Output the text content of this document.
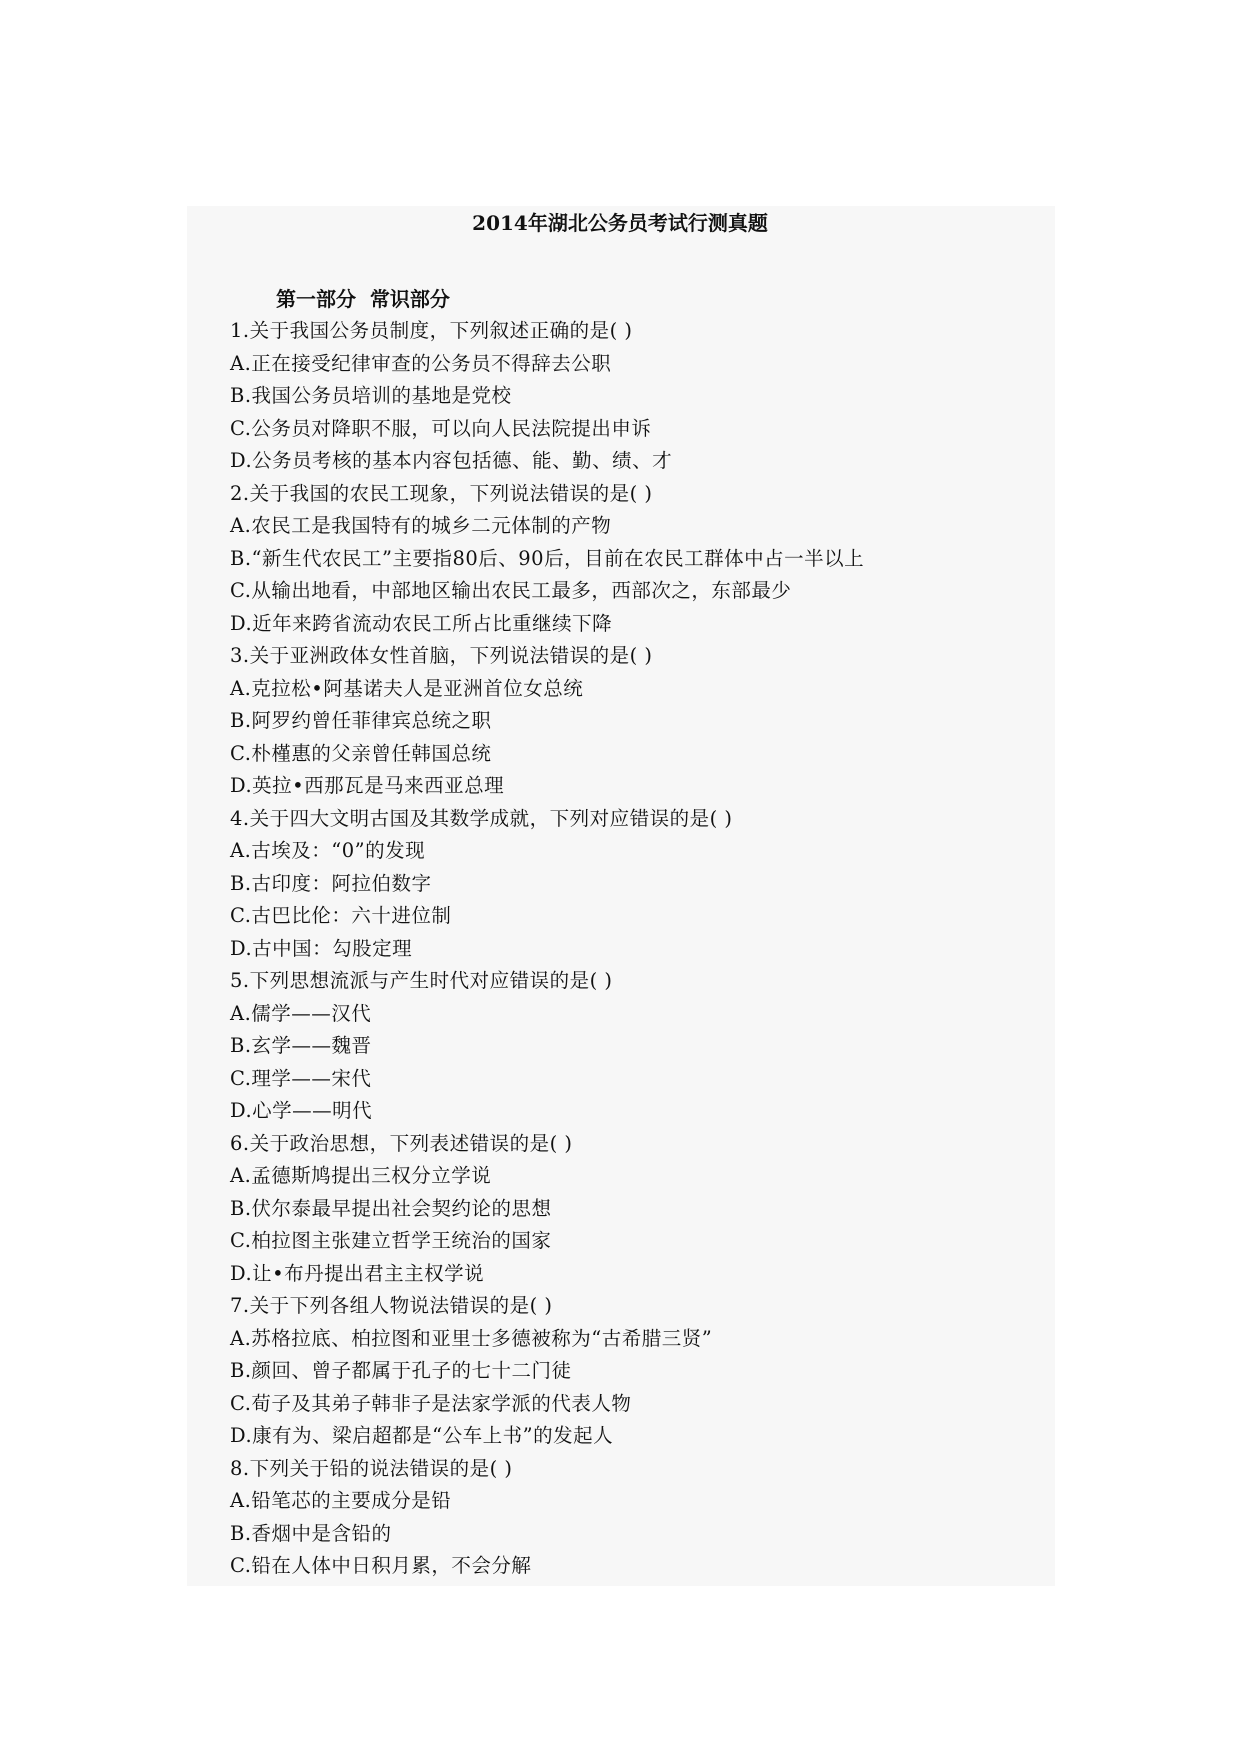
2014年湖北公务员考试行测真题
第一部分  常识部分
1.关于我国公务员制度，下列叙述正确的是( )
A.正在接受纪律审查的公务员不得辞去公职
B.我国公务员培训的基地是党校
C.公务员对降职不服，可以向人民法院提出申诉
D.公务员考核的基本内容包括德、能、勤、绩、才
2.关于我国的农民工现象，下列说法错误的是( )
A.农民工是我国特有的城乡二元体制的产物
B.“新生代农民工”主要指80后、90后，目前在农民工群体中占一半以上
C.从输出地看，中部地区输出农民工最多，西部次之，东部最少
D.近年来跨省流动农民工所占比重继续下降
3.关于亚洲政体女性首脑，下列说法错误的是( )
A.克拉松•阿基诺夫人是亚洲首位女总统
B.阿罗约曾任菲律宾总统之职
C.朴槿惠的父亲曾任韩国总统
D.英拉•西那瓦是马来西亚总理
4.关于四大文明古国及其数学成就，下列对应错误的是( )
A.古埃及：“0”的发现
B.古印度：阿拉伯数字
C.古巴比伦：六十进位制
D.古中国：勾股定理
5.下列思想流派与产生时代对应错误的是( )
A.儒学——汉代
B.玄学——魏晋
C.理学——宋代
D.心学——明代
6.关于政治思想，下列表述错误的是( )
A.孟德斯鸠提出三权分立学说
B.伏尔泰最早提出社会契约论的思想
C.柏拉图主张建立哲学王统治的国家
D.让•布丹提出君主主权学说
7.关于下列各组人物说法错误的是( )
A.苏格拉底、柏拉图和亚里士多德被称为“古希腊三贤”
B.颜回、曾子都属于孔子的七十二门徒
C.荀子及其弟子韩非子是法家学派的代表人物
D.康有为、梁启超都是“公车上书”的发起人
8.下列关于铅的说法错误的是( )
A.铅笔芯的主要成分是铅
B.香烟中是含铅的
C.铅在人体中日积月累，不会分解
